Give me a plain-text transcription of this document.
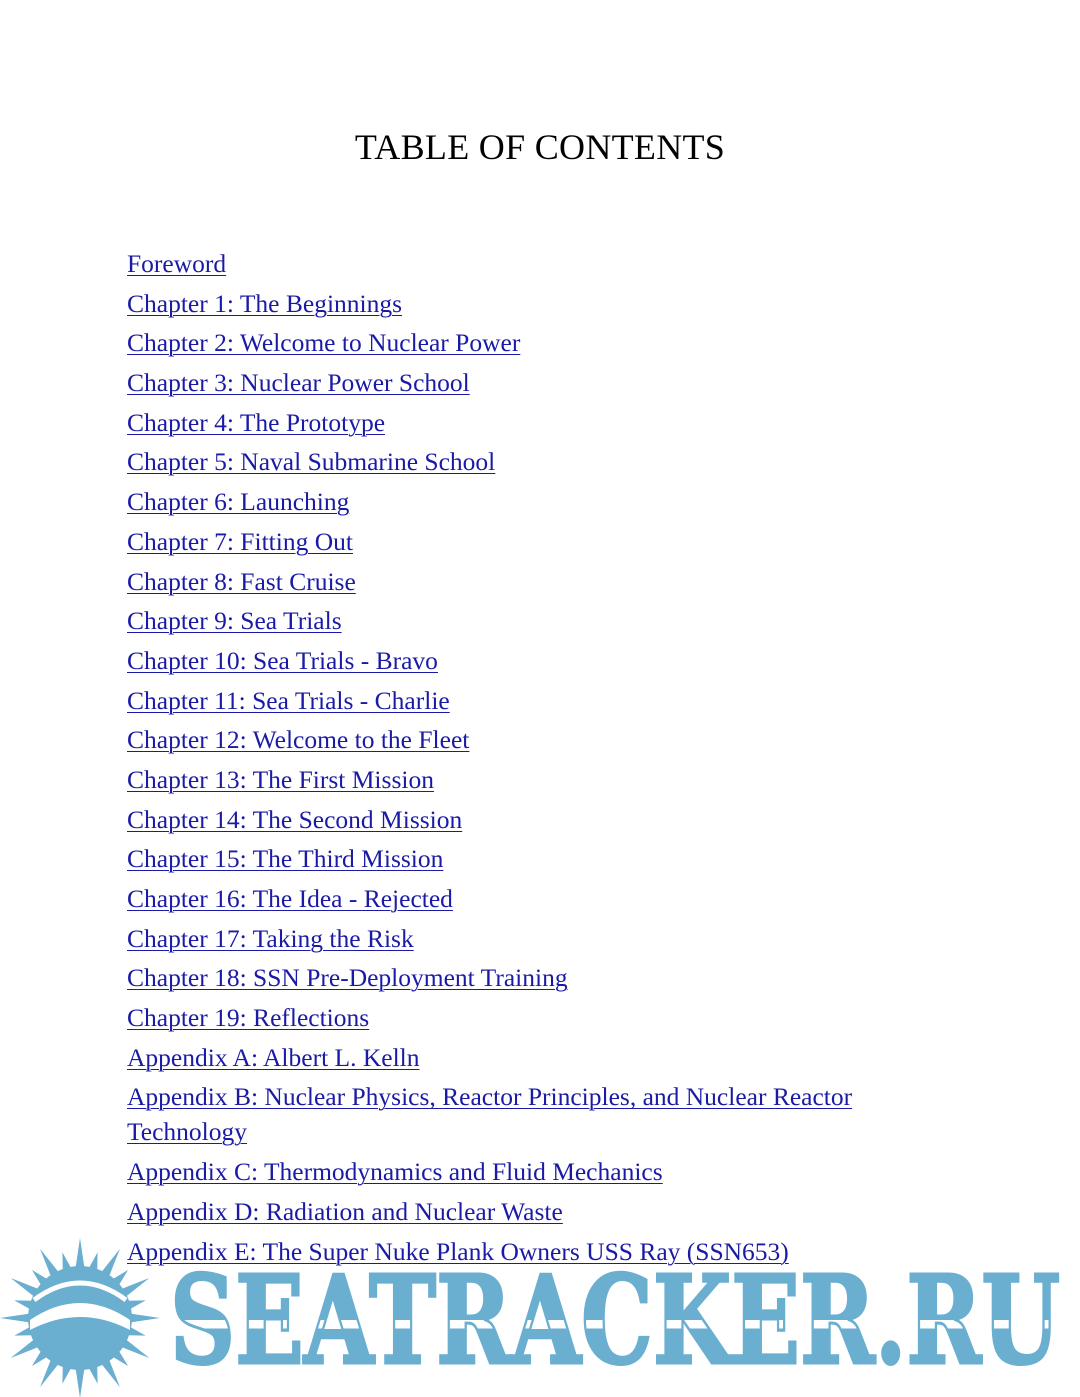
TABLE OF CONTENTS
Foreword
Chapter 1: The Beginnings
Chapter 2: Welcome to Nuclear Power
Chapter 3: Nuclear Power School
Chapter 4: The Prototype
Chapter 5: Naval Submarine School
Chapter 6: Launching
Chapter 7: Fitting Out
Chapter 8: Fast Cruise
Chapter 9: Sea Trials
Chapter 10: Sea Trials - Bravo
Chapter 11: Sea Trials - Charlie
Chapter 12: Welcome to the Fleet
Chapter 13: The First Mission
Chapter 14: The Second Mission
Chapter 15: The Third Mission
Chapter 16: The Idea - Rejected
Chapter 17: Taking the Risk
Chapter 18: SSN Pre-Deployment Training
Chapter 19: Reflections
Appendix A: Albert L. Kelln
Appendix B: Nuclear Physics, Reactor Principles, and Nuclear Reactor Technology
Appendix C: Thermodynamics and Fluid Mechanics
Appendix D: Radiation and Nuclear Waste
Appendix E: The Super Nuke Plank Owners USS Ray (SSN653)
SEATRACKER.RU
